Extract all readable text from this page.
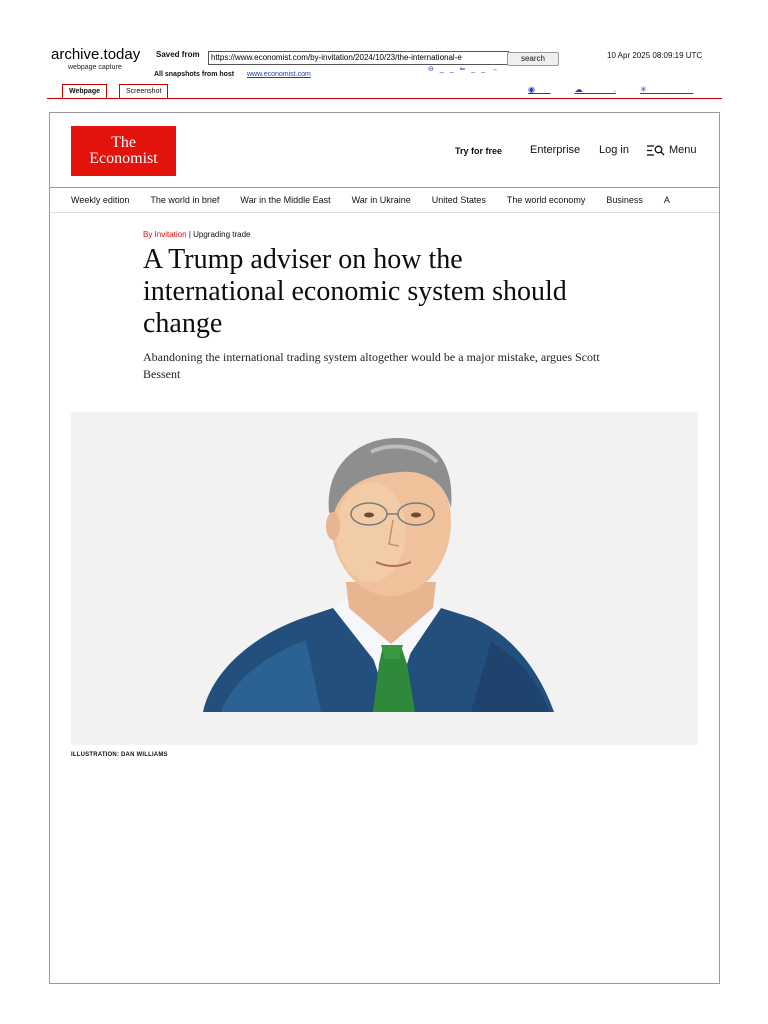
archive.today
webpage capture
Saved from	https://www.economist.com/by-invitation/2024/10/23/the-international-e	search	10 Apr 2025 08:09:19 UTC
All snapshots from host www.economist.com
⊖ _ _ ⇐ _ _ →
Webpage	Screenshot	◉ ___	☁ ______ .	✳ __ ___ ____
The
Economist	Try for free	Enterprise Log in	Menu
Weekly edition The world in brief War in the Middle East War in Ukraine United States The world economy Business A
By Invitation | Upgrading trade
A Trump adviser on how the international economic system should change
Abandoning the international trading system altogether would be a major mistake, argues Scott Bessent
ILLUSTRATION: DAN WILLIAMS
